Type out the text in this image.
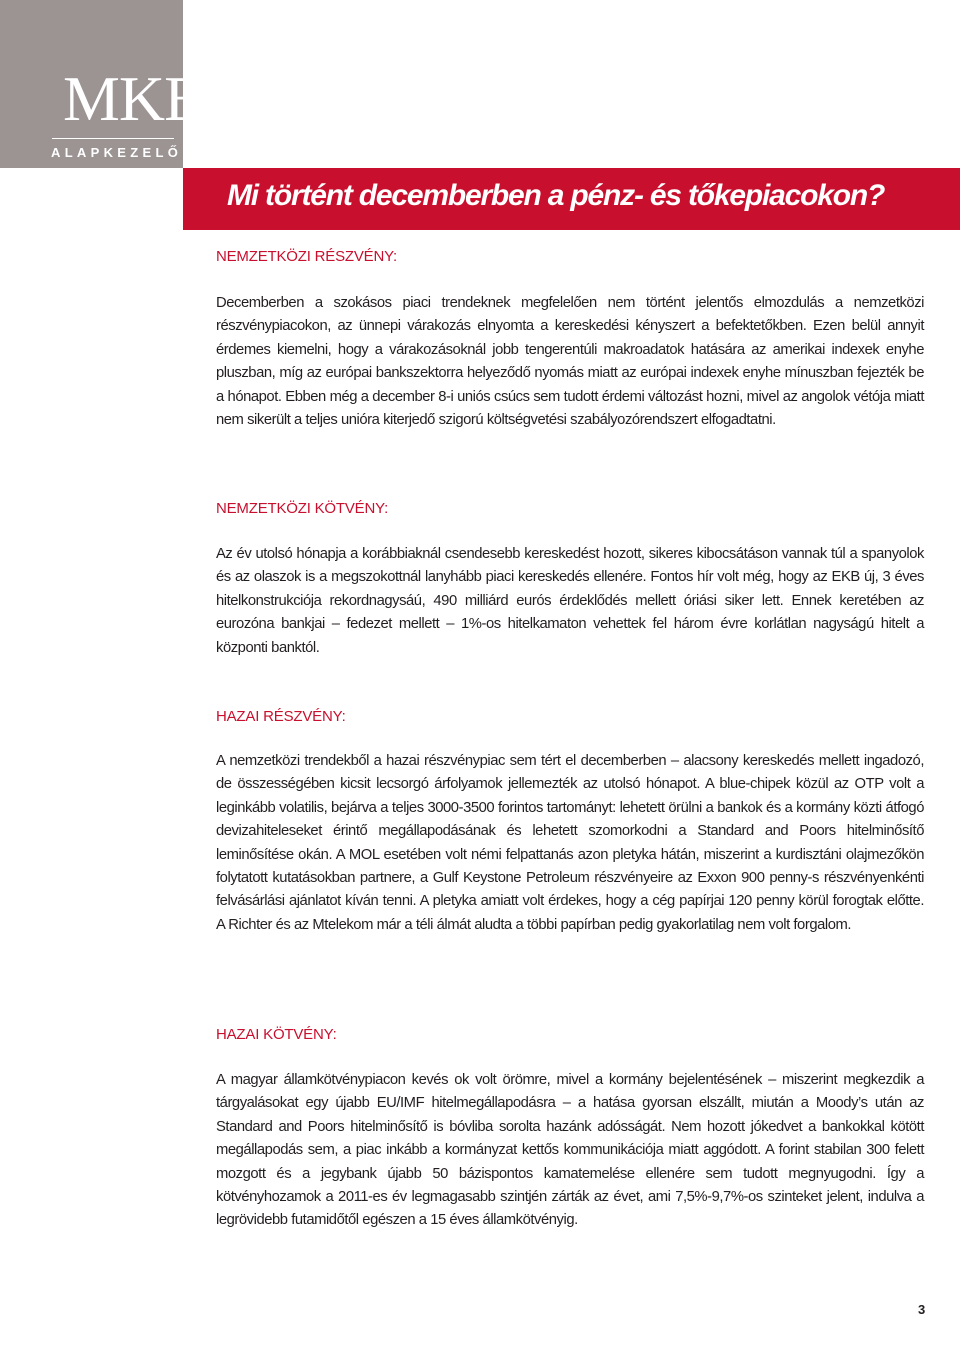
MKB
ALAPKEZELŐ
Mi történt decemberben a pénz- és tőkepiacokon?
NEMZETKÖZI RÉSZVÉNY:
Decemberben a szokásos piaci trendeknek megfelelően nem történt jelentős elmozdulás a nemzetközi részvénypiacokon, az ünnepi várakozás elnyomta a kereskedési kényszert a befektetőkben. Ezen belül annyit érdemes kiemelni, hogy a várakozásoknál jobb tengerentúli makroadatok hatására az amerikai indexek enyhe pluszban, míg az európai bankszektorra helyeződő nyomás miatt az európai indexek enyhe mínuszban fejezték be a hónapot. Ebben még a december 8-i uniós csúcs sem tudott érdemi változást hozni, mivel az angolok vétója miatt nem sikerült a teljes unióra kiterjedő szigorú költségvetési szabályozórendszert elfogadtatni.
NEMZETKÖZI KÖTVÉNY:
Az év utolsó hónapja a korábbiaknál csendesebb kereskedést hozott, sikeres kibocsátáson vannak túl a spanyolok és az olaszok is a megszokottnál lanyhább piaci kereskedés ellenére. Fontos hír volt még, hogy az EKB új, 3 éves hitelkonstrukciója rekordnagysáú, 490 milliárd eurós érdeklődés mellett óriási siker lett. Ennek keretében az eurozóna bankjai – fedezet mellett – 1%-os hitelkamaton vehettek fel három évre korlátlan nagyságú hitelt a központi banktól.
HAZAI RÉSZVÉNY:
A nemzetközi trendekből a hazai részvénypiac sem tért el decemberben – alacsony kereskedés mellett ingadozó, de összességében kicsit lecsorgó árfolyamok jellemezték az utolsó hónapot. A blue-chipek közül az OTP volt a leginkább volatilis, bejárva a teljes 3000-3500 forintos tartományt: lehetett örülni a bankok és a kormány közti átfogó devizahiteleseket érintő megállapodásának és lehetett szomorkodni a Standard and Poors hitelminősítő leminősítése okán. A MOL esetében volt némi felpattanás azon pletyka hátán, miszerint a kurdisztáni olajmezőkön folytatott kutatásokban partnere, a Gulf Keystone Petroleum részvényeire az Exxon 900 penny-s részvényenkénti felvásárlási ajánlatot kíván tenni. A pletyka amiatt volt érdekes, hogy a cég papírjai 120 penny körül forogtak előtte. A Richter és az Mtelekom már a téli álmát aludta a többi papírban pedig gyakorlatilag nem volt forgalom.
HAZAI KÖTVÉNY:
A magyar államkötvénypiacon kevés ok volt örömre, mivel a kormány bejelentésének – miszerint megkezdik a tárgyalásokat egy újabb EU/IMF hitelmegállapodásra – a hatása gyorsan elszállt, miután a Moody’s után az Standard and Poors hitelminősítő is bóvliba sorolta hazánk adósságát. Nem hozott jókedvet a bankokkal kötött megállapodás sem, a piac inkább a kormányzat kettős kommunikációja miatt aggódott. A forint stabilan 300 felett mozgott és a jegybank újabb 50 bázispontos kamatemelése ellenére sem tudott megnyugodni. Így a kötvényhozamok a 2011-es év legmagasabb szintjén zárták az évet, ami 7,5%-9,7%-os szinteket jelent, indulva a legrövidebb futamidőtől egészen a 15 éves államkötvényig.
3
